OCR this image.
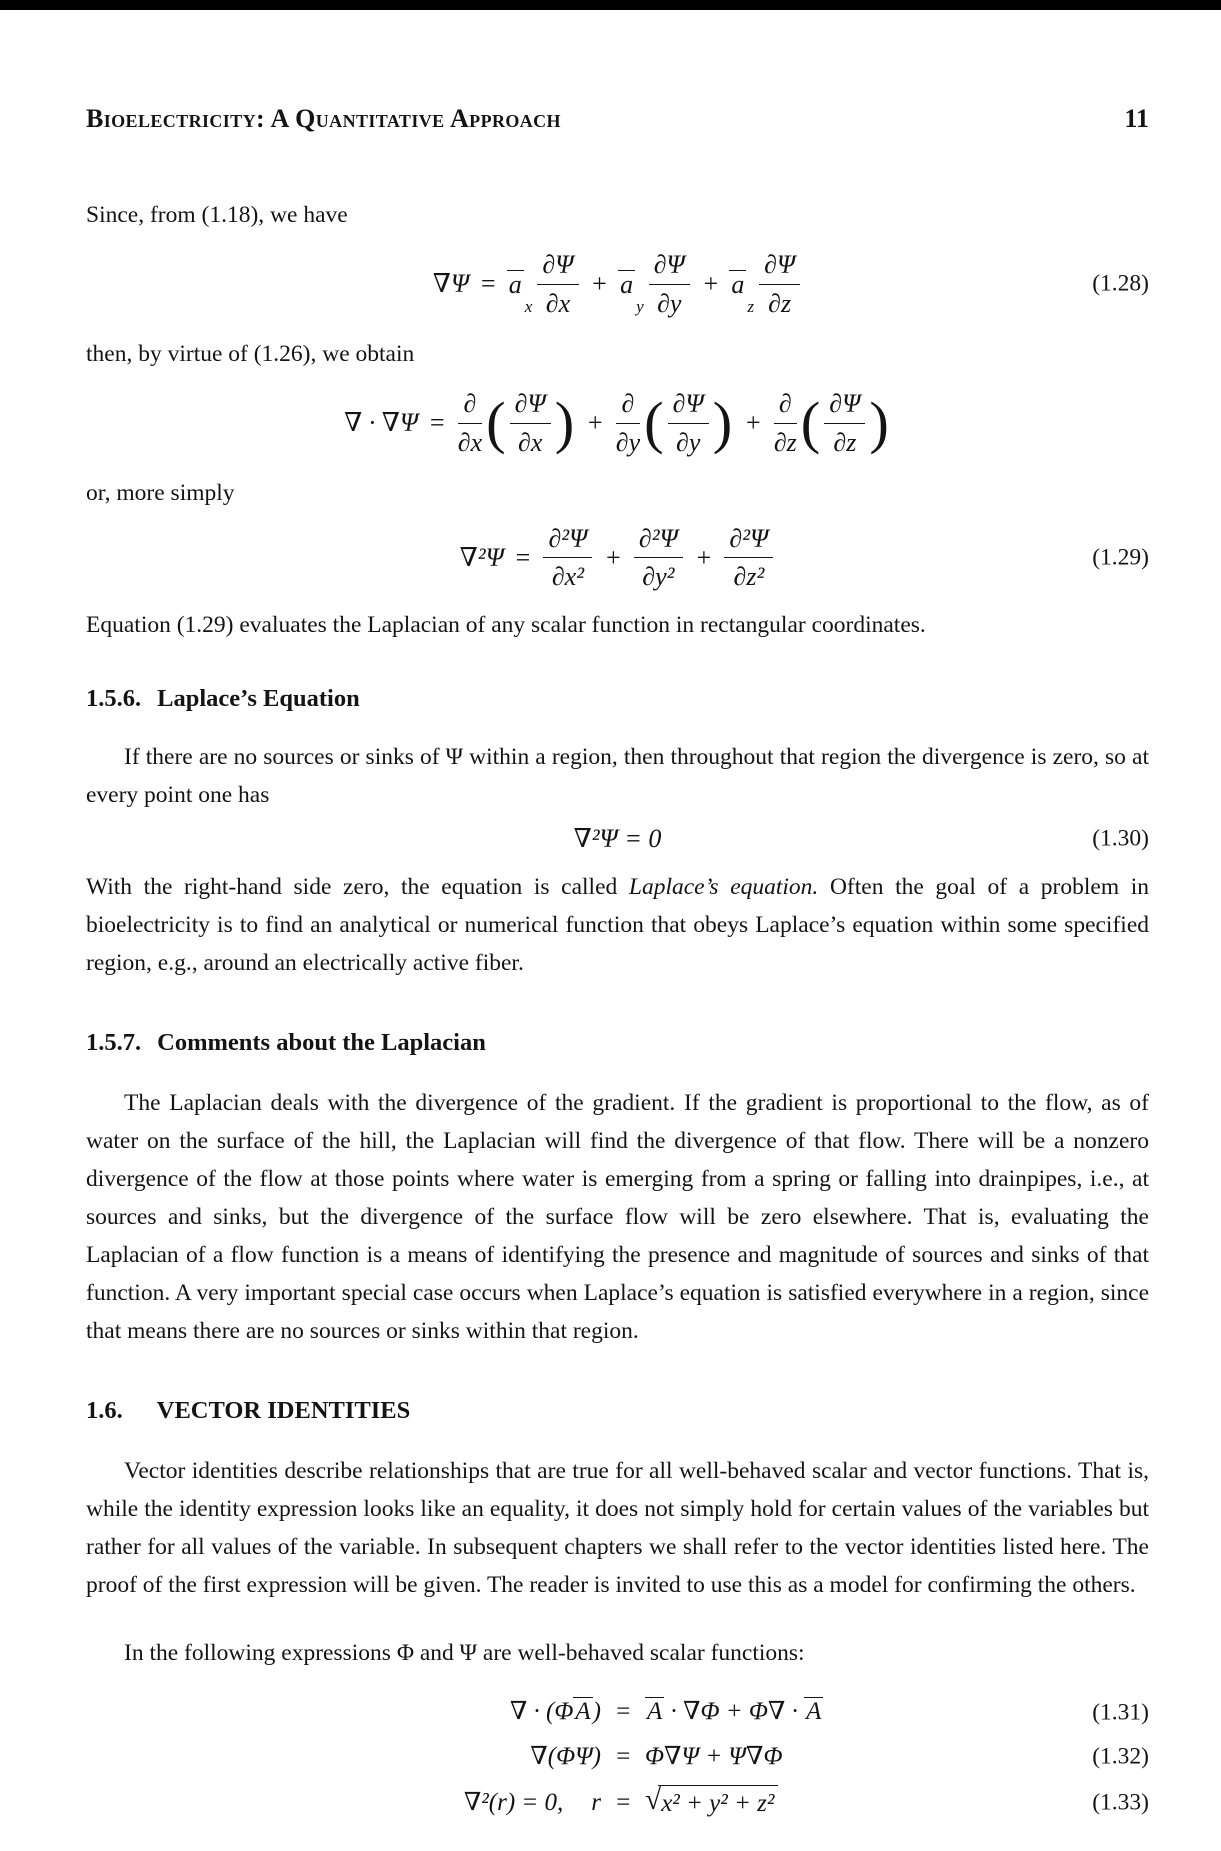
Bioelectricity: A Quantitative Approach	11

Since, from (1.18), we have

∇Ψ = a
x $\frac{\partial\Psi}{\partial x} + a$
y $\frac{\partial\Psi}{\partial y} + a$
z $\frac{\partial\Psi}{\partial z}$	(1.28)

then, by virtue of (1.26), we obtain

∇ · $\nabla\Psi = \frac{\partial}{\partial x}$ ( $\frac{\partial\Psi}{\partial x}$ ) + $\frac{\partial}{\partial y}$ ( $\frac{\partial\Psi}{\partial y}$ ) + $\frac{\partial}{\partial z}$ ( $\frac{\partial\Psi}{\partial z}$ )

or, more simply

$\nabla^2\Psi = \frac{\text{∂²Ψ}}{\text{∂x²}} + \frac{\text{∂²Ψ}}{\text{∂y²}} + \frac{\text{∂²Ψ}}{\text{∂z²}}$	(1.29)

Equation (1.29) evaluates the Laplacian of any scalar function in rectangular coordinates.

1.5.6. Laplace’s Equation

If there are no sources or sinks of Ψ within a region, then throughout that region the divergence is zero, so at every point one has

∇²Ψ = 0	(1.30)

With the right-hand side zero, the equation is called Laplace’s equation. Often the goal of a problem in bioelectricity is to find an analytical or numerical function that obeys Laplace’s equation within some specified region, e.g., around an electrically active fiber.

1.5.7. Comments about the Laplacian

The Laplacian deals with the divergence of the gradient. If the gradient is proportional to the flow, as of water on the surface of the hill, the Laplacian will find the divergence of that flow. There will be a nonzero divergence of the flow at those points where water is emerging from a spring or falling into drainpipes, i.e., at sources and sinks, but the divergence of the surface flow will be zero elsewhere. That is, evaluating the Laplacian of a flow function is a means of identifying the presence and magnitude of sources and sinks of that function. A very important special case occurs when Laplace’s equation is satisfied everywhere in a region, since that means there are no sources or sinks within that region.

1.6. VECTOR IDENTITIES

Vector identities describe relationships that are true for all well-behaved scalar and vector functions. That is, while the identity expression looks like an equality, it does not simply hold for certain values of the variables but rather for all values of the variable. In subsequent chapters we shall refer to the vector identities listed here. The proof of the first expression will be given. The reader is invited to use this as a model for confirming the others.

In the following expressions Φ and Ψ are well-behaved scalar functions:

∇ · (ΦA) = A · ∇Φ + Φ∇ · A	(1.31)
∇(ΦΨ) = Φ∇Ψ + Ψ∇Φ	(1.32)
∇²(r) = 0, r = √ x² + y² + z²	(1.33)
